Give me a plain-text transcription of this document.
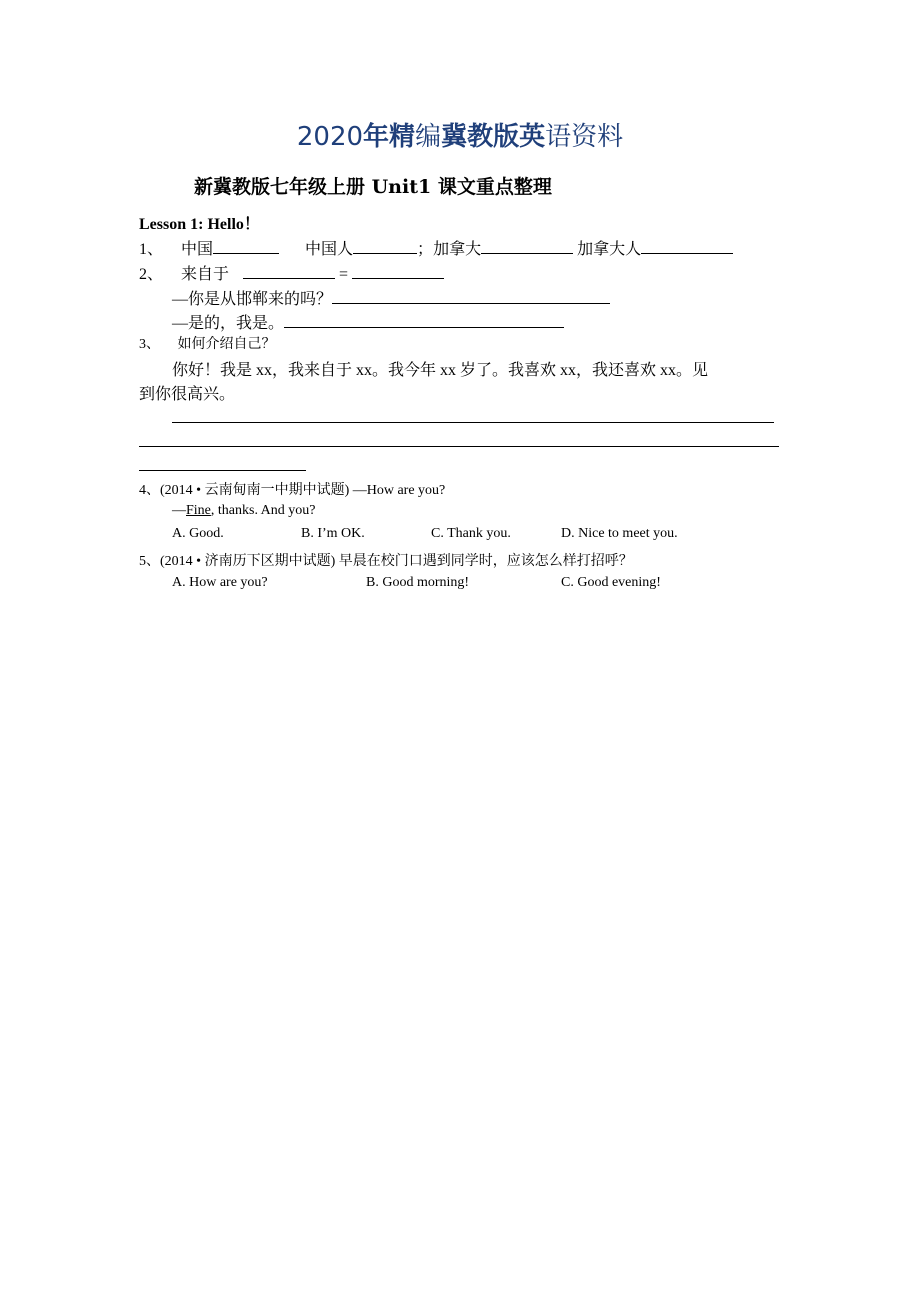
2020年精编冀教版英语资料
新冀教版七年级上册 Unit1 课文重点整理
Lesson 1: Hello！
1、 中国	中国人	；加拿大	加拿大人
2、 来自于	=
—你是从邯郸来的吗？
—是的，我是。
3、 如何介绍自己？
你好！我是 xx，我来自于 xx。我今年 xx 岁了。我喜欢 xx，我还喜欢 xx。见
到你很高兴。
4、(2014 • 云南甸南一中期中试题) —How are you?
—Fine, thanks. And you?
A. Good.	B. I’m OK.	C. Thank you.	D. Nice to meet you.
5、(2014 • 济南历下区期中试题) 早晨在校门口遇到同学时，应该怎么样打招呼？
A. How are you?	B. Good morning!	C. Good evening!
